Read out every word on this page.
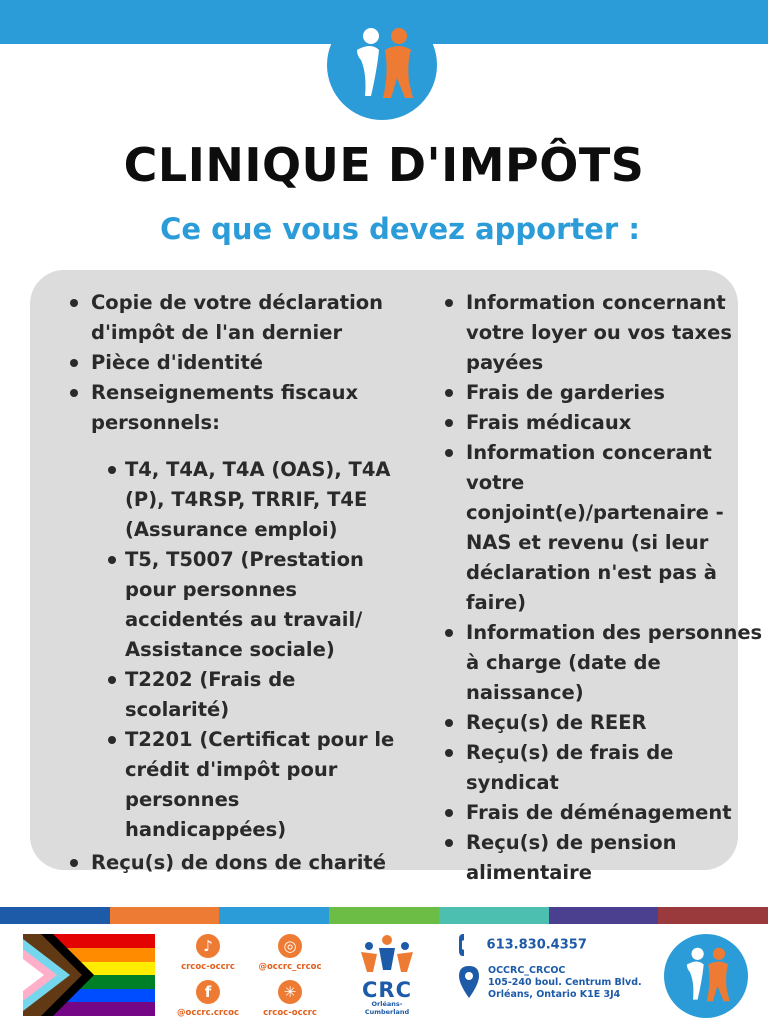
CLINIQUE D'IMPÔTS
Ce que vous devez apporter :
Copie de votre déclaration d'impôt de l'an dernier
Pièce d'identité
Renseignements fiscaux personnels:
T4, T4A, T4A (OAS), T4A (P), T4RSP, TRRIF, T4E (Assurance emploi)
T5, T5007 (Prestation pour personnes accidentés au travail/ Assistance sociale)
T2202 (Frais de scolarité)
T2201 (Certificat pour le crédit d'impôt pour personnes handicappées)
Reçu(s) de dons de charité
Information concernant votre loyer ou vos taxes payées
Frais de garderies
Frais médicaux
Information concerant votre conjoint(e)/partenaire - NAS et revenu (si leur déclaration n'est pas à faire)
Information des personnes à charge (date de naissance)
Reçu(s) de REER
Reçu(s) de frais de syndicat
Frais de déménagement
Reçu(s) de pension alimentaire
♪
crcoc-occrc
◎
@occrc_crcoc
f
@occrc.crcoc
✳
crcoc-occrc
CRC
Orléans-Cumberland
613.830.4357
OCCRC_CRCOC
105-240 boul. Centrum Blvd.
Orléans, Ontario K1E 3J4
